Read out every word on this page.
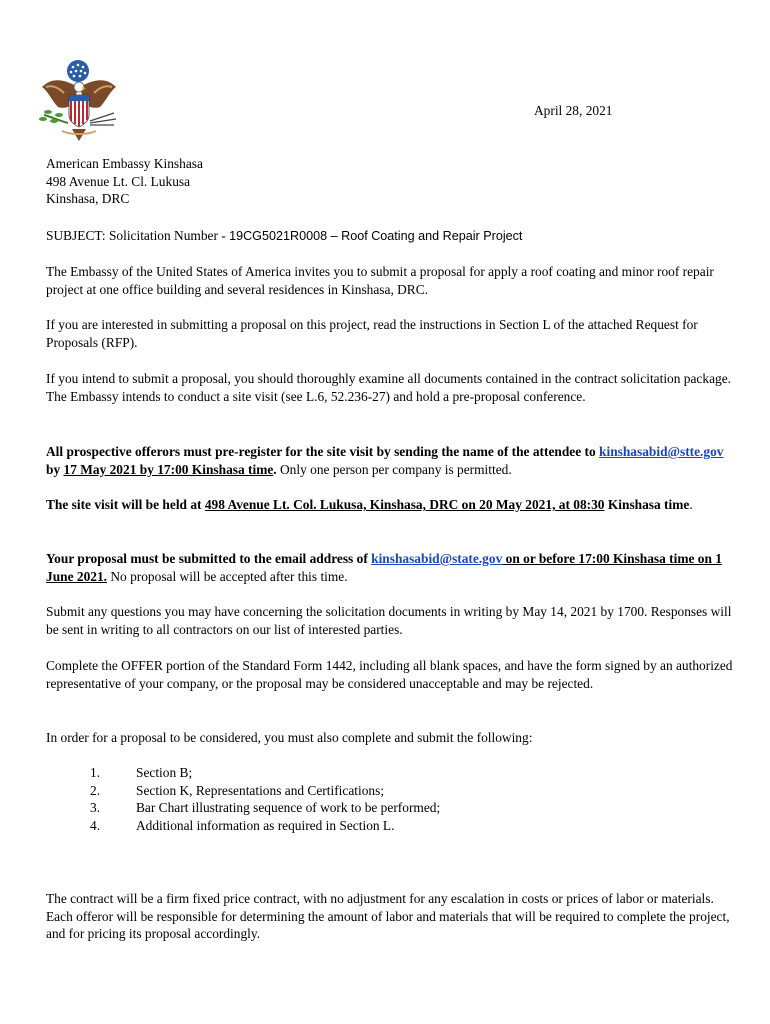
April 28, 2021
American Embassy Kinshasa
498 Avenue Lt. Cl. Lukusa
Kinshasa, DRC

SUBJECT: Solicitation Number - 19CG5021R0008 – Roof Coating and Repair Project

The Embassy of the United States of America invites you to submit a proposal for apply a roof coating and minor roof repair project at one office building and several residences in Kinshasa, DRC.

If you are interested in submitting a proposal on this project, read the instructions in Section L of the attached Request for Proposals (RFP).

If you intend to submit a proposal, you should thoroughly examine all documents contained in the contract solicitation package. The Embassy intends to conduct a site visit (see L.6, 52.236-27) and hold a pre-proposal conference.

All prospective offerors must pre-register for the site visit by sending the name of the attendee to kinshasabid@stte.gov by 17 May 2021 by 17:00 Kinshasa time. Only one person per company is permitted.

The site visit will be held at 498 Avenue Lt. Col. Lukusa, Kinshasa, DRC on 20 May 2021, at 08:30 Kinshasa time.

Your proposal must be submitted to the email address of kinshasabid@state.gov on or before 17:00 Kinshasa time on 1 June 2021. No proposal will be accepted after this time.

Submit any questions you may have concerning the solicitation documents in writing by May 14, 2021 by 1700. Responses will be sent in writing to all contractors on our list of interested parties.

Complete the OFFER portion of the Standard Form 1442, including all blank spaces, and have the form signed by an authorized representative of your company, or the proposal may be considered unacceptable and may be rejected.

In order for a proposal to be considered, you must also complete and submit the following:

1.	Section B;
2.	Section K, Representations and Certifications;
3.	Bar Chart illustrating sequence of work to be performed;
4.	Additional information as required in Section L.

The contract will be a firm fixed price contract, with no adjustment for any escalation in costs or prices of labor or materials. Each offeror will be responsible for determining the amount of labor and materials that will be required to complete the project, and for pricing its proposal accordingly.
